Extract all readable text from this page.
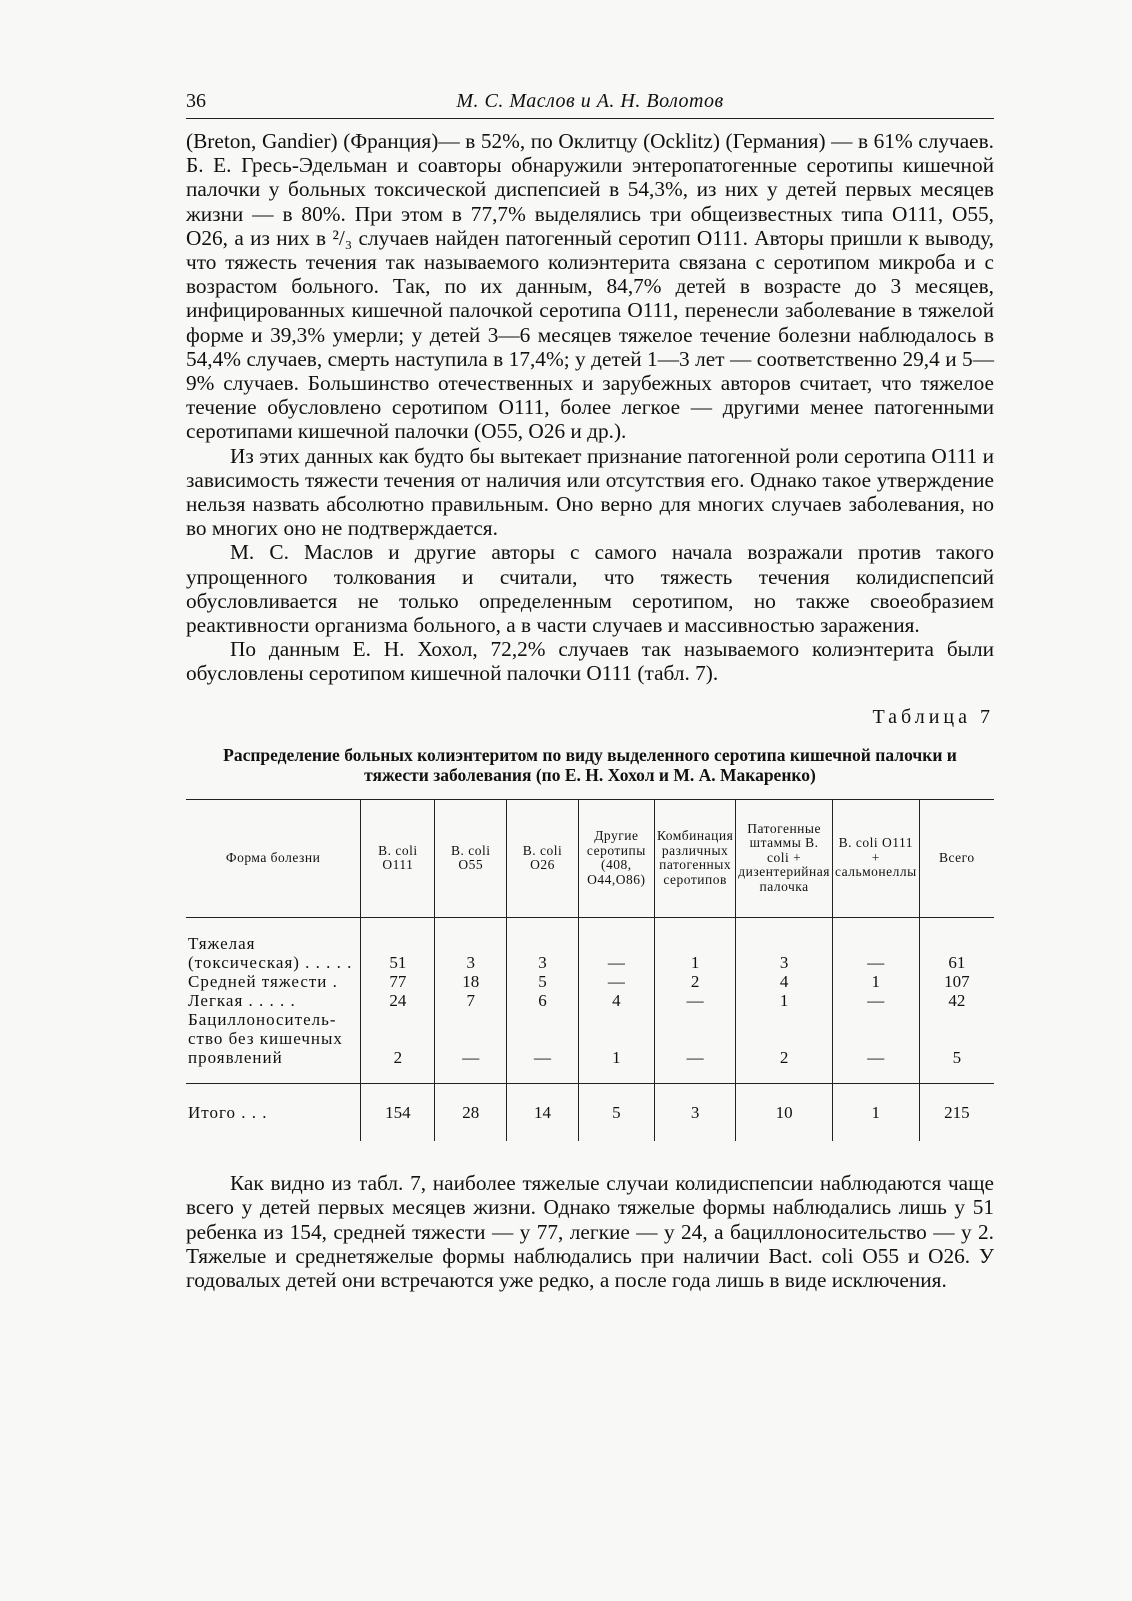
36	М. С. Маслов и А. Н. Волотов

(Breton, Gandier) (Франция)— в 52%, по Оклитцу (Ocklitz) (Германия) — в 61% случаев. Б. Е. Гресь-Эдельман и соавторы обнаружили энтеропатогенные серотипы кишечной палочки у больных токсической диспепсией в 54,3%, из них у детей первых месяцев жизни — в 80%. При этом в 77,7% выделялись три общеизвестных типа O111, O55, O26, а из них в ²/₃ случаев найден патогенный серотип O111. Авторы пришли к выводу, что тяжесть течения так называемого колиэнтерита связана с серотипом микроба и с возрастом больного. Так, по их данным, 84,7% детей в возрасте до 3 месяцев, инфицированных кишечной палочкой серотипа O111, перенесли заболевание в тяжелой форме и 39,3% умерли; у детей 3—6 месяцев тяжелое течение болезни наблюдалось в 54,4% случаев, смерть наступила в 17,4%; у детей 1—3 лет — соответственно 29,4 и 5—9% случаев. Большинство отечественных и зарубежных авторов считает, что тяжелое течение обусловлено серотипом O111, более легкое — другими менее патогенными серотипами кишечной палочки (O55, O26 и др.).

Из этих данных как будто бы вытекает признание патогенной роли серотипа O111 и зависимость тяжести течения от наличия или отсутствия его. Однако такое утверждение нельзя назвать абсолютно правильным. Оно верно для многих случаев заболевания, но во многих оно не подтверждается.

М. С. Маслов и другие авторы с самого начала возражали против такого упрощенного толкования и считали, что тяжесть течения колидиспепсий обусловливается не только определенным серотипом, но также своеобразием реактивности организма больного, а в части случаев и массивностью заражения.

По данным Е. Н. Хохол, 72,2% случаев так называемого колиэнтерита были обусловлены серотипом кишечной палочки O111 (табл. 7).

Таблица 7
Распределение больных колиэнтеритом по виду выделенного серотипа кишечной палочки и тяжести заболевания (по Е. Н. Хохол и М. А. Макаренко)
Форма болезни	B. coli O111	B. coli O55	B. coli O26	Другие серотипы (408, O44,O86)	Комбинация различных патогенных серотипов	Патогенные штаммы B. coli + дизентерийная палочка	B. coli O111 + сальмонеллы	Всего

Тяжелая (токсическая) . . . . .	51	3	3	—	1	3	—	61
Средней тяжести .	77	18	5	—	2	4	1	107
Легкая . . . . .	24	7	6	4	—	1	—	42
Бациллоноситель-ство без кишечных проявлений	2	—	—	1	—	2	—	5

Итого . . .	154	28	14	5	3	10	1	215

Как видно из табл. 7, наиболее тяжелые случаи колидиспепсии наблюдаются чаще всего у детей первых месяцев жизни. Однако тяжелые формы наблюдались лишь у 51 ребенка из 154, средней тяжести — у 77, легкие — у 24, а бациллоносительство — у 2. Тяжелые и среднетяжелые формы наблюдались при наличии Bact. coli O55 и O26. У годовалых детей они встречаются уже редко, а после года лишь в виде исключения.
